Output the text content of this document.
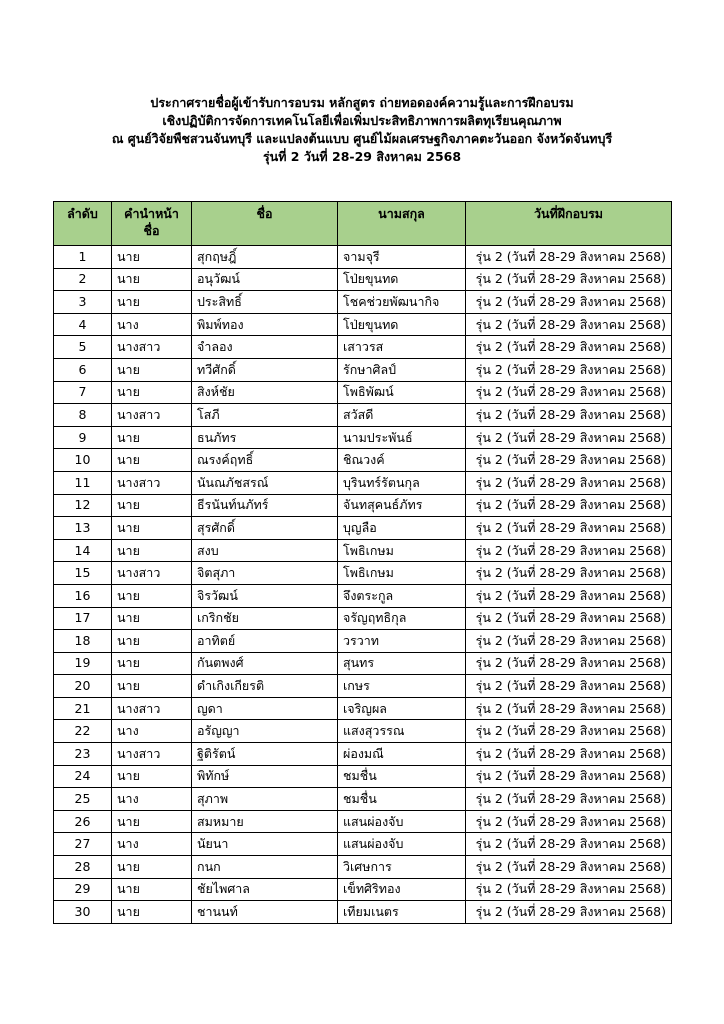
ประกาศรายชื่อผู้เข้ารับการอบรม หลักสูตร ถ่ายทอดองค์ความรู้และการฝึกอบรม
เชิงปฏิบัติการจัดการเทคโนโลยีเพื่อเพิ่มประสิทธิภาพการผลิตทุเรียนคุณภาพ
ณ ศูนย์วิจัยพืชสวนจันทบุรี และแปลงต้นแบบ ศูนย์ไม้ผลเศรษฐกิจภาคตะวันออก จังหวัดจันทบุรี
รุ่นที่ 2 วันที่ 28-29 สิงหาคม 2568
ลำดับ	คำนำหน้าชื่อ	ชื่อ	นามสกุล	วันที่ฝึกอบรม
1	นาย	สุกฤษฎิ์	จามจุรี	รุ่น 2 (วันที่ 28-29 สิงหาคม 2568)
2	นาย	อนุวัฒน์	โป่ยขุนทด	รุ่น 2 (วันที่ 28-29 สิงหาคม 2568)
3	นาย	ประสิทธิ์	โชคช่วยพัฒนากิจ	รุ่น 2 (วันที่ 28-29 สิงหาคม 2568)
4	นาง	พิมพ์ทอง	โป่ยขุนทด	รุ่น 2 (วันที่ 28-29 สิงหาคม 2568)
5	นางสาว	จำลอง	เสาวรส	รุ่น 2 (วันที่ 28-29 สิงหาคม 2568)
6	นาย	ทวีศักดิ์	รักษาศิลป์	รุ่น 2 (วันที่ 28-29 สิงหาคม 2568)
7	นาย	สิงห์ชัย	โพธิพัฒน์	รุ่น 2 (วันที่ 28-29 สิงหาคม 2568)
8	นางสาว	โสภี	สวัสดี	รุ่น 2 (วันที่ 28-29 สิงหาคม 2568)
9	นาย	ธนภัทร	นามประพันธ์	รุ่น 2 (วันที่ 28-29 สิงหาคม 2568)
10	นาย	ณรงค์ฤทธิ์	ชิณวงค์	รุ่น 2 (วันที่ 28-29 สิงหาคม 2568)
11	นางสาว	นันณภัชสรณ์	บุรินทร์รัตนกุล	รุ่น 2 (วันที่ 28-29 สิงหาคม 2568)
12	นาย	ธีรนันท์นภัทร์	จันทสุคนธ์ภัทร	รุ่น 2 (วันที่ 28-29 สิงหาคม 2568)
13	นาย	สุรศักดิ์	บุญลือ	รุ่น 2 (วันที่ 28-29 สิงหาคม 2568)
14	นาย	สงบ	โพธิเกษม	รุ่น 2 (วันที่ 28-29 สิงหาคม 2568)
15	นางสาว	จิตสุภา	โพธิเกษม	รุ่น 2 (วันที่ 28-29 สิงหาคม 2568)
16	นาย	จิรวัฒน์	จึงตระกูล	รุ่น 2 (วันที่ 28-29 สิงหาคม 2568)
17	นาย	เกริกชัย	จรัญฤทธิกุล	รุ่น 2 (วันที่ 28-29 สิงหาคม 2568)
18	นาย	อาทิตย์	วรวาท	รุ่น 2 (วันที่ 28-29 สิงหาคม 2568)
19	นาย	กันตพงศ์	สุนทร	รุ่น 2 (วันที่ 28-29 สิงหาคม 2568)
20	นาย	ดำเกิงเกียรติ	เกษร	รุ่น 2 (วันที่ 28-29 สิงหาคม 2568)
21	นางสาว	ญดา	เจริญผล	รุ่น 2 (วันที่ 28-29 สิงหาคม 2568)
22	นาง	อรัญญา	แสงสุวรรณ	รุ่น 2 (วันที่ 28-29 สิงหาคม 2568)
23	นางสาว	ฐิติรัตน์	ผ่องมณี	รุ่น 2 (วันที่ 28-29 สิงหาคม 2568)
24	นาย	พิทักษ์	ชมชื่น	รุ่น 2 (วันที่ 28-29 สิงหาคม 2568)
25	นาง	สุภาพ	ชมชื่น	รุ่น 2 (วันที่ 28-29 สิงหาคม 2568)
26	นาย	สมหมาย	แสนผ่องจับ	รุ่น 2 (วันที่ 28-29 สิงหาคม 2568)
27	นาง	นัยนา	แสนผ่องจับ	รุ่น 2 (วันที่ 28-29 สิงหาคม 2568)
28	นาย	กนก	วิเศษการ	รุ่น 2 (วันที่ 28-29 สิงหาคม 2568)
29	นาย	ชัยไพศาล	เข็ทศิริทอง	รุ่น 2 (วันที่ 28-29 สิงหาคม 2568)
30	นาย	ชานนท์	เทียมเนตร	รุ่น 2 (วันที่ 28-29 สิงหาคม 2568)
